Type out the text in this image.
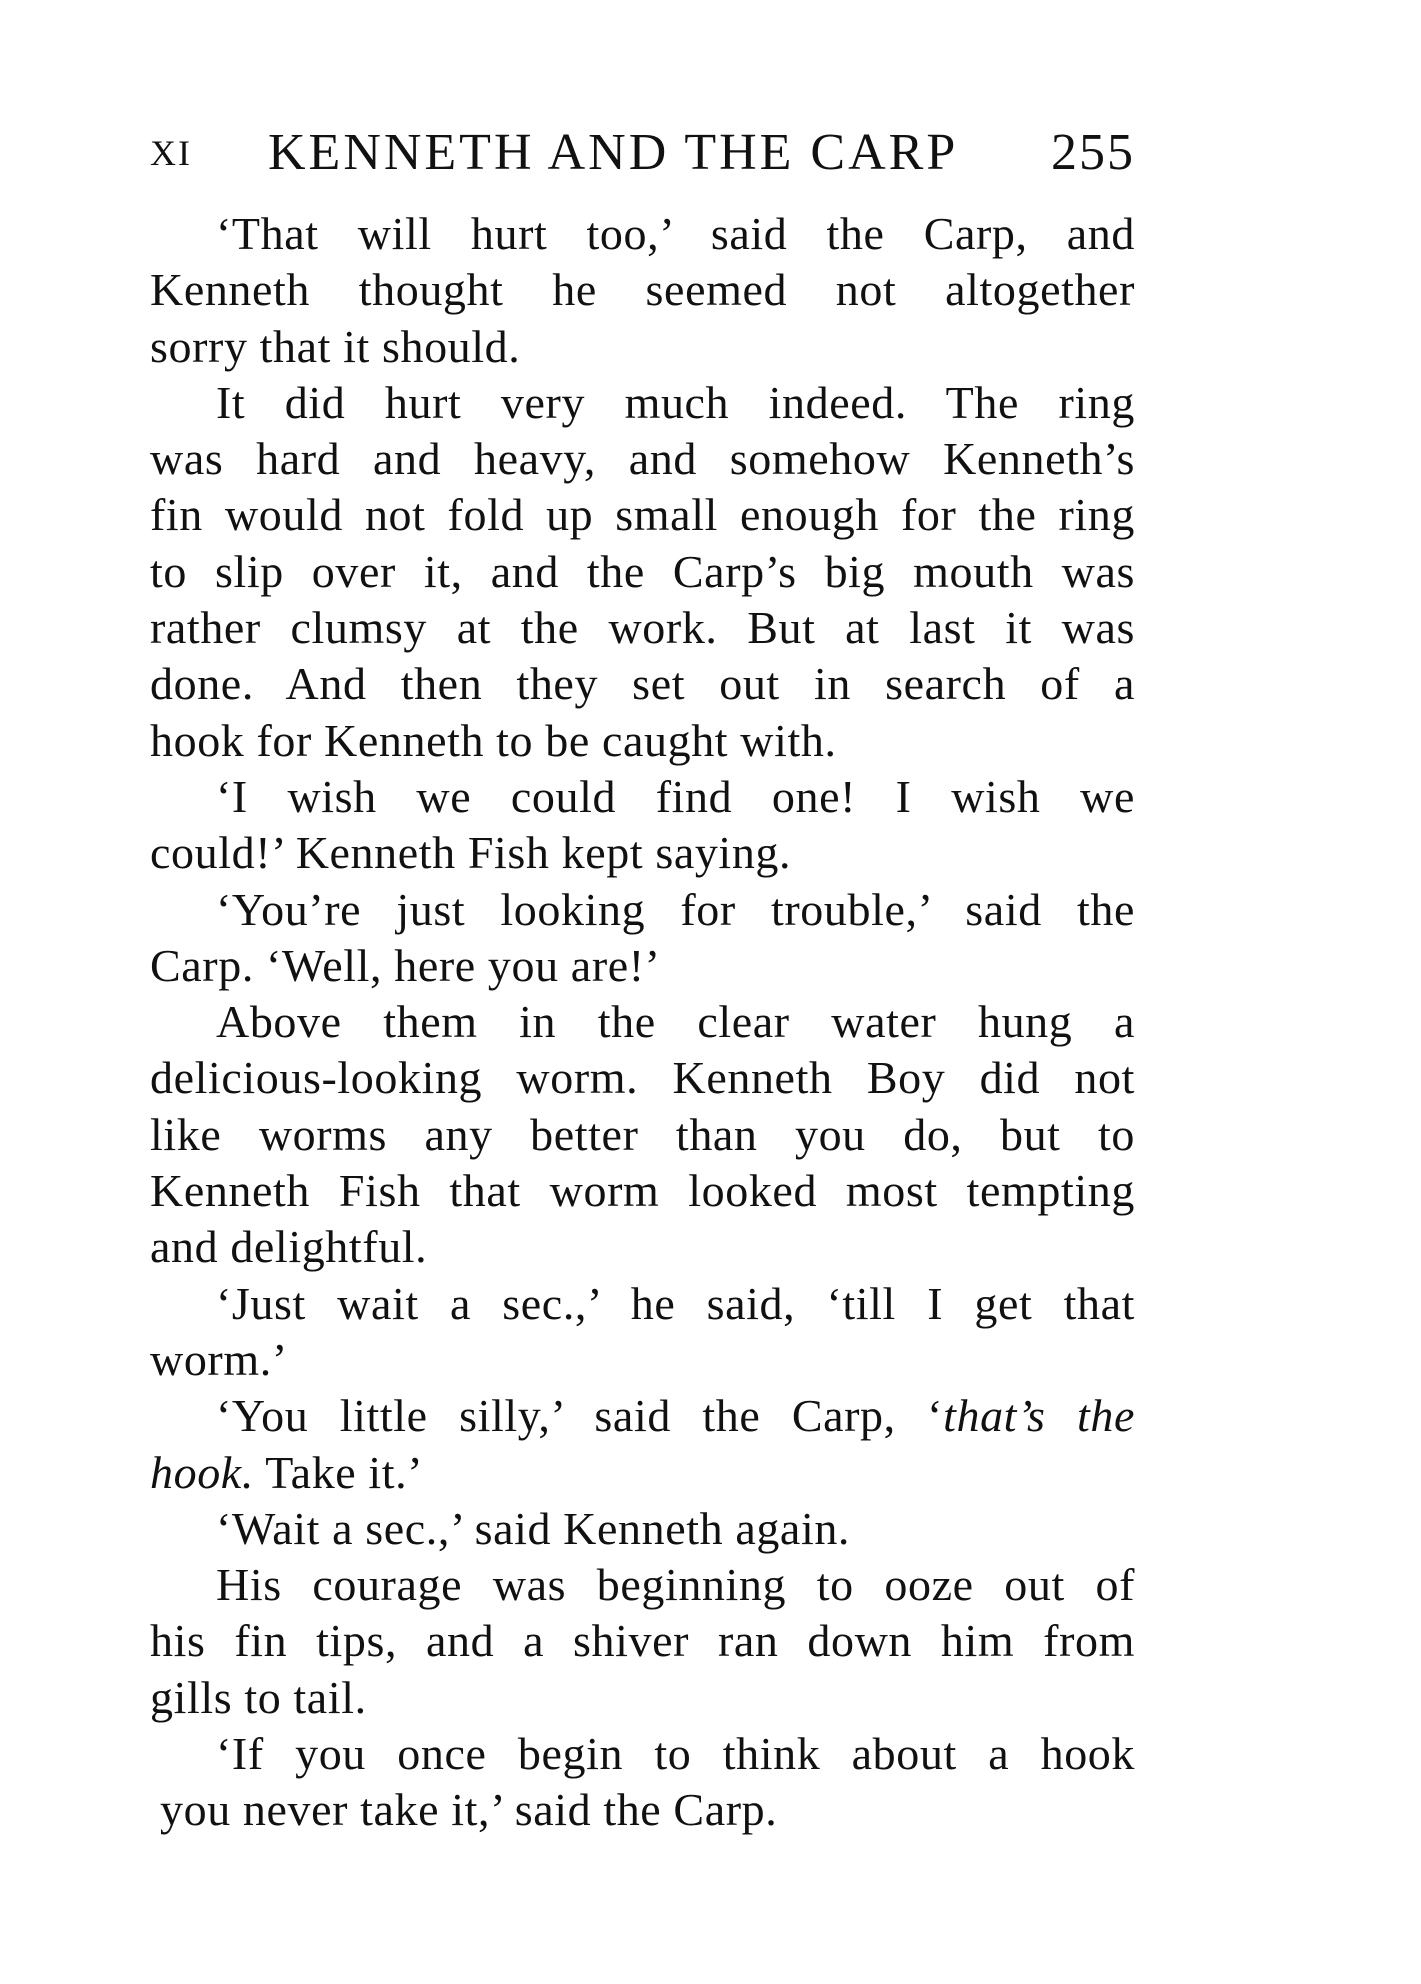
XI KENNETH AND THE CARP 255
‘That will hurt too,’ said the Carp, and
Kenneth thought he seemed not altogether
sorry that it should.
It did hurt very much indeed. The ring
was hard and heavy, and somehow Kenneth’s
fin would not fold up small enough for the ring
to slip over it, and the Carp’s big mouth was
rather clumsy at the work. But at last it was
done. And then they set out in search of a
hook for Kenneth to be caught with.
‘I wish we could find one! I wish we
could!’ Kenneth Fish kept saying.
‘You’re just looking for trouble,’ said the
Carp. ‘Well, here you are!’
Above them in the clear water hung a
delicious-looking worm. Kenneth Boy did not
like worms any better than you do, but to
Kenneth Fish that worm looked most tempting
and delightful.
‘Just wait a sec.,’ he said, ‘till I get that
worm.’
‘You little silly,’ said the Carp, ‘that’s the
hook. Take it.’
‘Wait a sec.,’ said Kenneth again.
His courage was beginning to ooze out of
his fin tips, and a shiver ran down him from
gills to tail.
‘If you once begin to think about a hook
you never take it,’ said the Carp.
